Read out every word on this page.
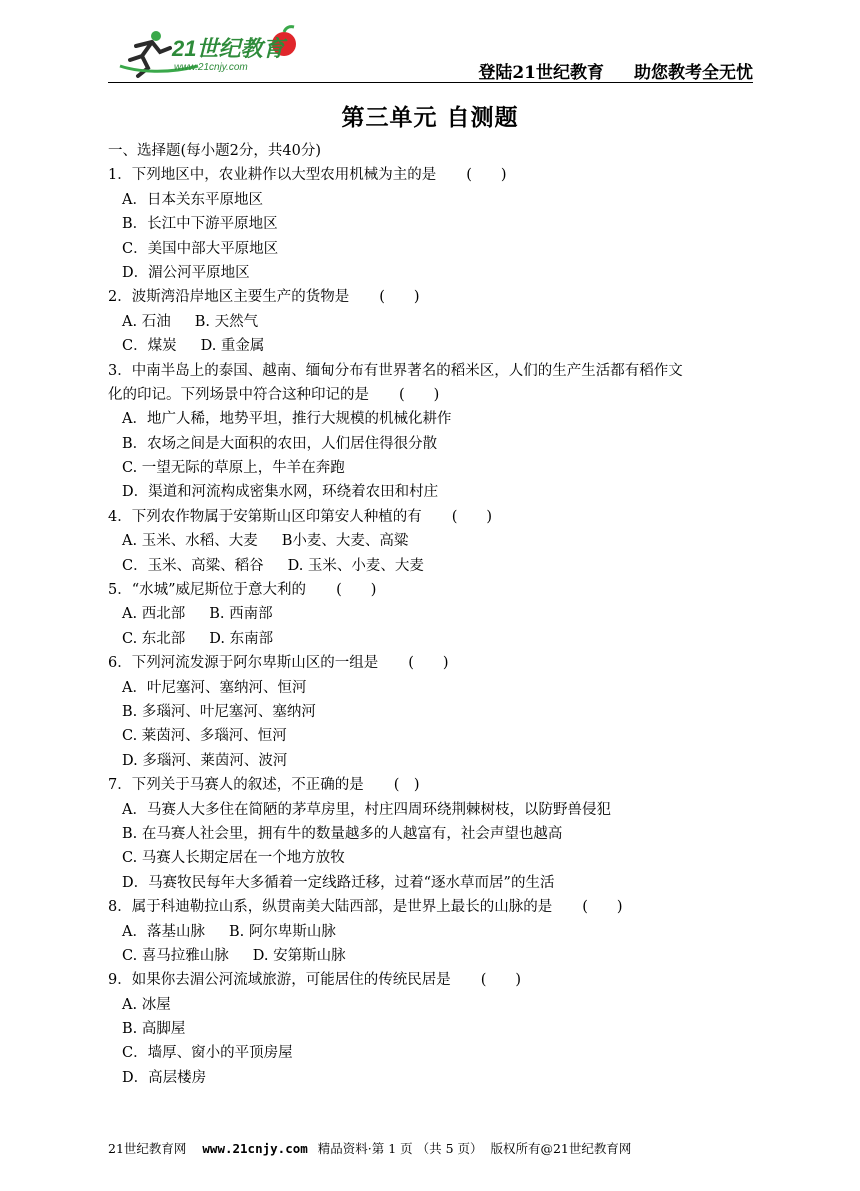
21世纪教育
www.21cnjy.com	登陆21世纪教育 助您教考全无忧
第三单元 自测题
一、选择题(每小题2分，共40分)
1．下列地区中，农业耕作以大型农用机械为主的是 (　　)
A．日本关东平原地区
B．长江中下游平原地区
C．美国中部大平原地区
D．湄公河平原地区
2．波斯湾沿岸地区主要生产的货物是 (　　)
A. 石油 B. 天然气
C．煤炭 D. 重金属
3．中南半岛上的泰国、越南、缅甸分布有世界著名的稻米区，人们的生产生活都有稻作文
化的印记。下列场景中符合这种印记的是 (　　)
A．地广人稀，地势平坦，推行大规模的机械化耕作
B．农场之间是大面积的农田，人们居住得很分散
C. 一望无际的草原上，牛羊在奔跑
D．渠道和河流构成密集水网，环绕着农田和村庄
4．下列农作物属于安第斯山区印第安人种植的有 (　　)
A. 玉米、水稻、大麦 B小麦、大麦、高粱
C．玉米、高粱、稻谷 D. 玉米、小麦、大麦
5．“水城”威尼斯位于意大利的 (　　)
A. 西北部 B. 西南部
C. 东北部 D. 东南部
6．下列河流发源于阿尔卑斯山区的一组是 (　　)
A．叶尼塞河、塞纳河、恒河
B. 多瑙河、叶尼塞河、塞纳河
C. 莱茵河、多瑙河、恒河
D. 多瑙河、莱茵河、波河
7．下列关于马赛人的叙述，不正确的是 (　)
A．马赛人大多住在简陋的茅草房里，村庄四周环绕荆棘树枝，以防野兽侵犯
B. 在马赛人社会里，拥有牛的数量越多的人越富有，社会声望也越高
C. 马赛人长期定居在一个地方放牧
D．马赛牧民每年大多循着一定线路迁移，过着“逐水草而居”的生活
8．属于科迪勒拉山系，纵贯南美大陆西部，是世界上最长的山脉的是 (　　)
A．落基山脉 B. 阿尔卑斯山脉
C. 喜马拉雅山脉 D. 安第斯山脉
9．如果你去湄公河流域旅游，可能居住的传统民居是 (　　)
A. 冰屋
B. 高脚屋
C．墙厚、窗小的平顶房屋
D．高层楼房
21世纪教育网 www.21cnjy.com 精品资料·第 1 页 （共 5 页） 版权所有@21世纪教育网
